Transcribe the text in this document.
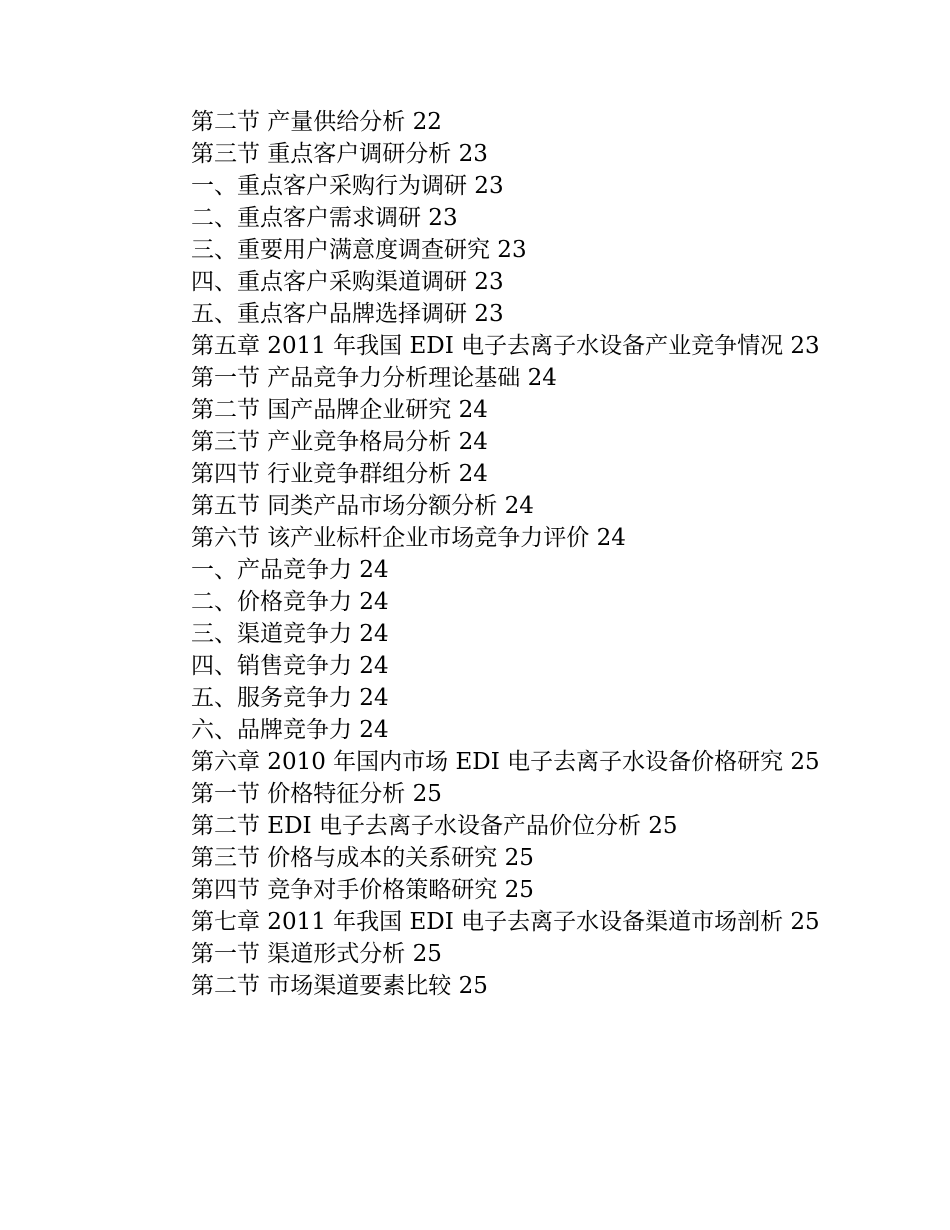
第二节 产量供给分析 22
第三节 重点客户调研分析 23
一、重点客户采购行为调研 23
二、重点客户需求调研 23
三、重要用户满意度调查研究 23
四、重点客户采购渠道调研 23
五、重点客户品牌选择调研 23
第五章 2011 年我国 EDI 电子去离子水设备产业竞争情况 23
第一节 产品竞争力分析理论基础 24
第二节 国产品牌企业研究 24
第三节 产业竞争格局分析 24
第四节 行业竞争群组分析 24
第五节 同类产品市场分额分析 24
第六节 该产业标杆企业市场竞争力评价 24
一、产品竞争力 24
二、价格竞争力 24
三、渠道竞争力 24
四、销售竞争力 24
五、服务竞争力 24
六、品牌竞争力 24
第六章 2010 年国内市场 EDI 电子去离子水设备价格研究 25
第一节 价格特征分析 25
第二节 EDI 电子去离子水设备产品价位分析 25
第三节 价格与成本的关系研究 25
第四节 竞争对手价格策略研究 25
第七章 2011 年我国 EDI 电子去离子水设备渠道市场剖析 25
第一节 渠道形式分析 25
第二节 市场渠道要素比较 25
